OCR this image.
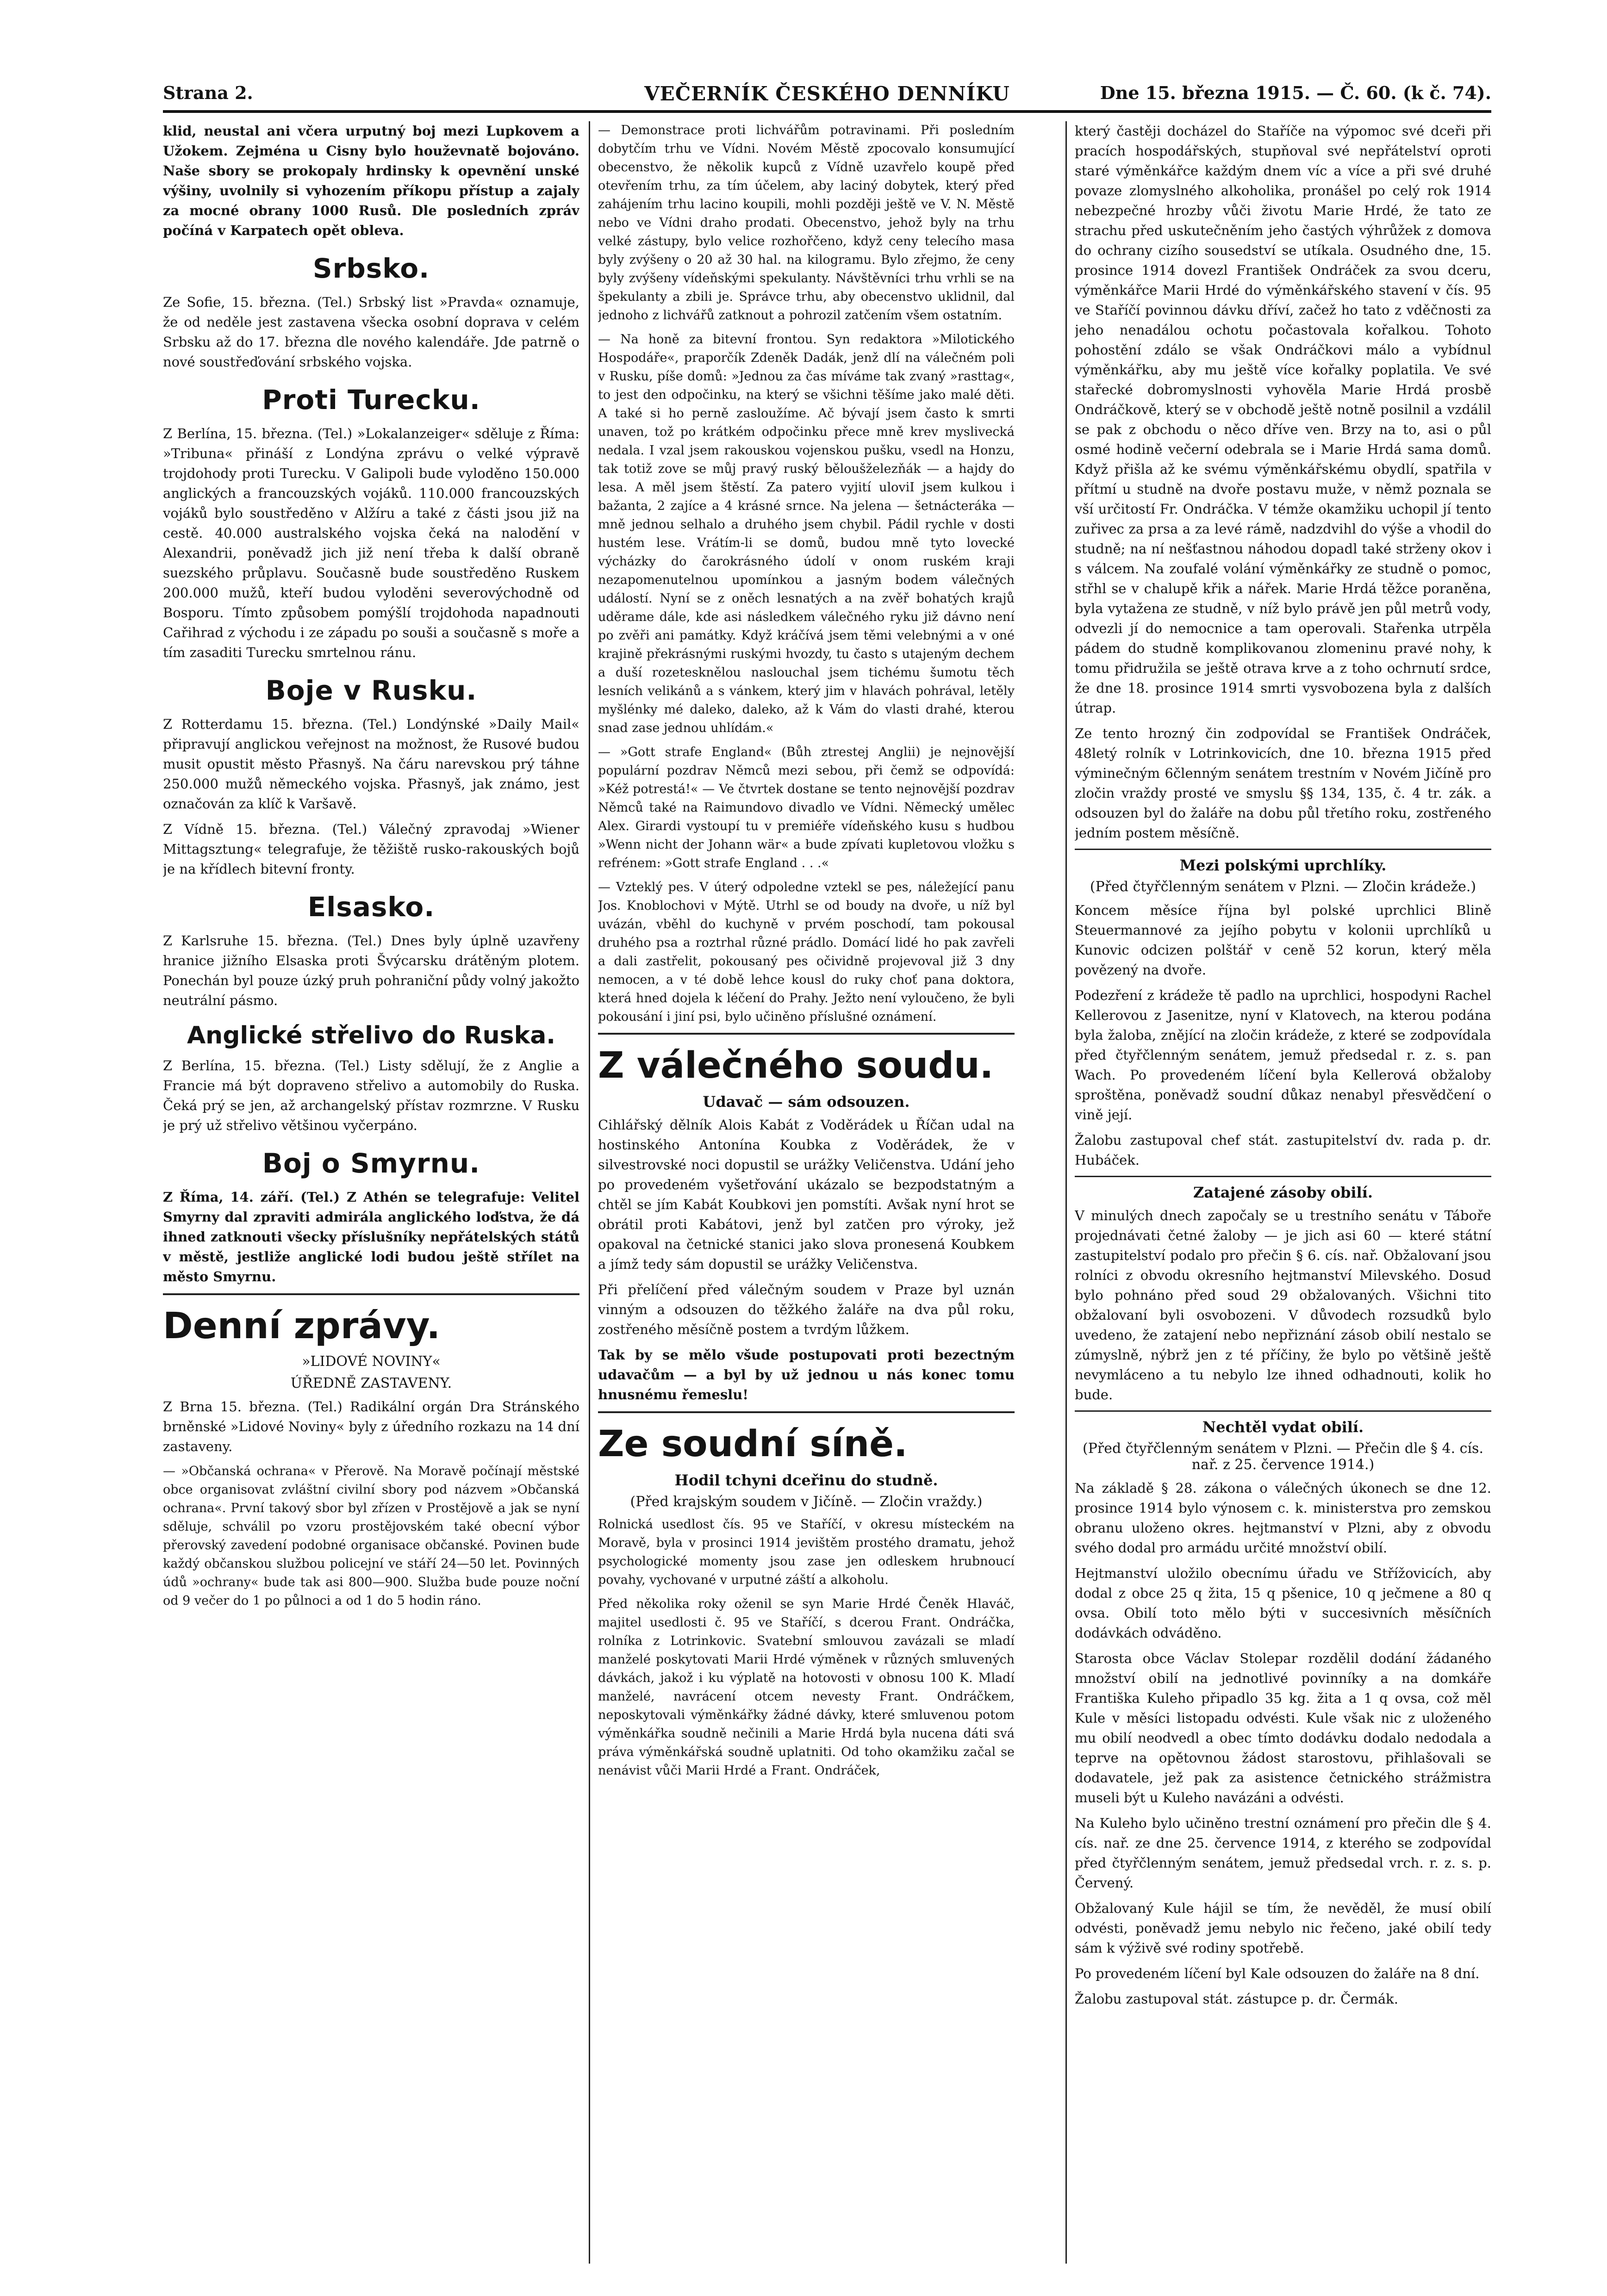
Strana 2.	VEČERNÍK ČESKÉHO DENNÍKU	Dne 15. března 1915. — Č. 60. (k č. 74).

klid, neustal ani včera urputný boj mezi Lupkovem a Užokem. Zejména u Cisny bylo houževnatě bojováno. Naše sbory se prokopaly hrdinsky k opevnění unské výšiny, uvolnily si vyhozením příkopu přístup a zajaly za mocné obrany 1000 Rusů. Dle posledních zpráv počíná v Karpatech opět obleva.

Srbsko.

Ze Sofie, 15. března. (Tel.) Srbský list »Pravda« oznamuje, že od neděle jest zastavena všecka osobní doprava v celém Srbsku až do 17. března dle nového kalendáře. Jde patrně o nové soustřeďování srbského vojska.

Proti Turecku.

Z Berlína, 15. března. (Tel.) »Lokalanzeiger« sděluje z Říma: »Tribuna« přináší z Londýna zprávu o velké výpravě trojdohody proti Turecku. V Galipoli bude vyloděno 150.000 anglických a francouzských vojáků. 110.000 francouzských vojáků bylo soustředěno v Alžíru a také z části jsou již na cestě. 40.000 australského vojska čeká na nalodění v Alexandrii, poněvadž jich již není třeba k další obraně suezského průplavu. Současně bude soustředěno Ruskem 200.000 mužů, kteří budou vyloděni severovýchodně od Bosporu. Tímto způsobem pomýšlí trojdohoda napadnouti Cařihrad z východu i ze západu po souši a současně s moře a tím zasaditi Turecku smrtelnou ránu.

Boje v Rusku.

Z Rotterdamu 15. března. (Tel.) Londýnské »Daily Mail« připravují anglickou veřejnost na možnost, že Rusové budou musit opustit město Přasnyš. Na čáru narevskou prý táhne 250.000 mužů německého vojska. Přasnyš, jak známo, jest označován za klíč k Varšavě.

Z Vídně 15. března. (Tel.) Válečný zpravodaj »Wiener Mittagsztung« telegrafuje, že těžiště rusko-rakouských bojů je na křídlech bitevní fronty.

Elsasko.

Z Karlsruhe 15. března. (Tel.) Dnes byly úplně uzavřeny hranice jižního Elsaska proti Švýcarsku drátěným plotem. Ponechán byl pouze úzký pruh pohraniční půdy volný jakožto neutrální pásmo.

Anglické střelivo do Ruska.

Z Berlína, 15. března. (Tel.) Listy sdělují, že z Anglie a Francie má být dopraveno střelivo a automobily do Ruska. Čeká prý se jen, až archangelský přístav rozmrzne. V Rusku je prý už střelivo většinou vyčerpáno.

Boj o Smyrnu.

Z Říma, 14. září. (Tel.) Z Athén se telegrafuje: Velitel Smyrny dal zpraviti admirála anglického loďstva, že dá ihned zatknouti všecky příslušníky nepřátelských států v městě, jestliže anglické lodi budou ještě střílet na město Smyrnu.

Denní zprávy.
»LIDOVÉ NOVINY«
ÚŘEDNĚ ZASTAVENY.

Z Brna 15. března. (Tel.) Radikální orgán Dra Stránského brněnské »Lidové Noviny« byly z úředního rozkazu na 14 dní zastaveny.

— »Občanská ochrana« v Přerově. Na Moravě počínají městské obce organisovat zvláštní civilní sbory pod názvem »Občanská ochrana«. První takový sbor byl zřízen v Prostějově a jak se nyní sděluje, schválil po vzoru prostějovském také obecní výbor přerovský zavedení podobné organisace občanské. Povinen bude každý občanskou službou policejní ve stáří 24—50 let. Povinných údů »ochrany« bude tak asi 800—900. Služba bude pouze noční od 9 večer do 1 po půlnoci a od 1 do 5 hodin ráno.

— Demonstrace proti lichvářům potravinami. Při posledním dobytčím trhu ve Vídni. Novém Městě zpocovalo konsumující obecenstvo, že několik kupců z Vídně uzavřelo koupě před otevřením trhu, za tím účelem, aby laciný dobytek, který před zahájením trhu lacino koupili, mohli později ještě ve V. N. Městě nebo ve Vídni draho prodati. Obecenstvo, jehož byly na trhu velké zástupy, bylo velice rozhořčeno, když ceny telecího masa byly zvýšeny o 20 až 30 hal. na kilogramu. Bylo zřejmo, že ceny byly zvýšeny vídeňskými spekulanty. Návštěvníci trhu vrhli se na špekulanty a zbili je. Správce trhu, aby obecenstvo uklidnil, dal jednoho z lichvářů zatknout a pohrozil zatčením všem ostatním.

— Na honě za bitevní frontou. Syn redaktora »Milotického Hospodáře«, praporčík Zdeněk Dadák, jenž dlí na válečném poli v Rusku, píše domů: »Jednou za čas míváme tak zvaný »rasttag«, to jest den odpočinku, na který se všichni těšíme jako malé děti. A také si ho perně zasloužíme. Ač bývají jsem často k smrti unaven, tož po krátkém odpočinku přece mně krev myslivecká nedala. I vzal jsem rakouskou vojenskou pušku, vsedl na Honzu, tak totiž zove se můj pravý ruský běloušželezňák — a hajdy do lesa. A měl jsem štěstí. Za patero vyjití uloviI jsem kulkou i bažanta, 2 zajíce a 4 krásné srnce. Na jelena — šetnácteráka — mně jednou selhalo a druhého jsem chybil. Pádil rychle v dosti hustém lese. Vrátím-li se domů, budou mně tyto lovecké výcházky do čarokrásného údolí v onom ruském kraji nezapomenutelnou upomínkou a jasným bodem válečných událostí. Nyní se z oněch lesnatých a na zvěř bohatých krajů uděrame dále, kde asi následkem válečného ryku již dávno není po zvěři ani památky. Když kráčívá jsem těmi velebnými a v oné krajině překrásnými ruskými hvozdy, tu často s utajeným dechem a duší rozetesknělou naslouchal jsem tichému šumotu těch lesních velikánů a s vánkem, který jim v hlavách pohrával, letěly myšlénky mé daleko, daleko, až k Vám do vlasti drahé, kterou snad zase jednou uhlídám.«

— »Gott strafe England« (Bůh ztrestej Anglii) je nejnovější populární pozdrav Němců mezi sebou, při čemž se odpovídá: »Kéž potrestá!« — Ve čtvrtek dostane se tento nejnovější pozdrav Němců také na Raimundovo divadlo ve Vídni. Německý umělec Alex. Girardi vystoupí tu v premiéře vídeňského kusu s hudbou »Wenn nicht der Johann wär« a bude zpívati kupletovou vložku s refrénem: »Gott strafe England . . .«

— Vzteklý pes. V úterý odpoledne vztekl se pes, náležející panu Jos. Knoblochovi v Mýtě. Utrhl se od boudy na dvoře, u níž byl uvázán, vběhl do kuchyně v prvém poschodí, tam pokousal druhého psa a roztrhal různé prádlo. Domácí lidé ho pak zavřeli a dali zastřelit, pokousaný pes očividně projevoval již 3 dny nemocen, a v té době lehce kousl do ruky choť pana doktora, která hned dojela k léčení do Prahy. Ježto není vyloučeno, že byli pokousání i jiní psi, bylo učiněno příslušné oznámení.

Z válečného soudu.
Udavač — sám odsouzen.

Cihlářský dělník Alois Kabát z Voděrádek u Říčan udal na hostinského Antonína Koubka z Voděrádek, že v silvestrovské noci dopustil se urážky Veličenstva. Udání jeho po provedeném vyšetřování ukázalo se bezpodstatným a chtěl se jím Kabát Koubkovi jen pomstíti. Avšak nyní hrot se obrátil proti Kabátovi, jenž byl zatčen pro výroky, jež opakoval na četnické stanici jako slova pronesená Koubkem a jímž tedy sám dopustil se urážky Veličenstva.

Při přelíčení před válečným soudem v Praze byl uznán vinným a odsouzen do těžkého žaláře na dva půl roku, zostřeného měsíčně postem a tvrdým lůžkem.

Tak by se mělo všude postupovati proti bezectným udavačům — a byl by už jednou u nás konec tomu hnusnému řemeslu!

Ze soudní síně.
Hodil tchyni dceřinu do studně.
(Před krajským soudem v Jičíně. — Zločin vraždy.)

Rolnická usedlost čís. 95 ve Staříčí, v okresu místeckém na Moravě, byla v prosinci 1914 jevištěm prostého dramatu, jehož psychologické momenty jsou zase jen odleskem hrubnoucí povahy, vychované v urputné záští a alkoholu.

Před několika roky oženil se syn Marie Hrdé Čeněk Hlaváč, majitel usedlosti č. 95 ve Staříčí, s dcerou Frant. Ondráčka, rolníka z Lotrinkovic. Svatební smlouvou zavázali se mladí manželé poskytovati Marii Hrdé výměnek v různých smluvených dávkách, jakož i ku výplatě na hotovosti v obnosu 100 K. Mladí manželé, navrácení otcem nevesty Frant. Ondráčkem, neposkytovali výměnkářky žádné dávky, které smluvenou potom výměnkářka soudně nečinili a Marie Hrdá byla nucena dáti svá práva výměnkářská soudně uplatniti. Od toho okamžiku začal se nenávist vůči Marii Hrdé a Frant. Ondráček,

který častěji docházel do Staříče na výpomoc své dceři při pracích hospodářských, stupňoval své nepřátelství oproti staré výměnkářce každým dnem víc a více a při své druhé povaze zlomyslného alkoholika, pronášel po celý rok 1914 nebezpečné hrozby vůči životu Marie Hrdé, že tato ze strachu před uskutečněním jeho častých výhrůžek z domova do ochrany cizího sousedství se utíkala. Osudného dne, 15. prosince 1914 dovezl František Ondráček za svou dceru, výměnkářce Marii Hrdé do výměnkářského stavení v čís. 95 ve Staříčí povinnou dávku dříví, začež ho tato z vděčnosti za jeho nenadálou ochotu počastovala kořalkou. Tohoto pohostění zdálo se však Ondráčkovi málo a vybídnul výměnkářku, aby mu ještě více kořalky poplatila. Ve své stařecké dobromyslnosti vyhověla Marie Hrdá prosbě Ondráčkově, který se v obchodě ještě notně posilnil a vzdálil se pak z obchodu o něco dříve ven. Brzy na to, asi o půl osmé hodině večerní odebrala se i Marie Hrdá sama domů. Když přišla až ke svému výměnkářskému obydlí, spatřila v přítmí u studně na dvoře postavu muže, v němž poznala se vší určitostí Fr. Ondráčka. V témže okamžiku uchopil jí tento zuřivec za prsa a za levé rámě, nadzdvihl do výše a vhodil do studně; na ní nešťastnou náhodou dopadl také strženy okov i s válcem. Na zoufalé volání výměnkářky ze studně o pomoc, střhl se v chalupě křik a nářek. Marie Hrdá těžce poraněna, byla vytažena ze studně, v níž bylo právě jen půl metrů vody, odvezli jí do nemocnice a tam operovali. Stařenka utrpěla pádem do studně komplikovanou zlomeninu pravé nohy, k tomu přidružila se ještě otrava krve a z toho ochrnutí srdce, že dne 18. prosince 1914 smrti vysvobozena byla z dalších útrap.

Ze tento hrozný čin zodpovídal se František Ondráček, 48letý rolník v Lotrinkovicích, dne 10. března 1915 před výminečným 6členným senátem trestním v Novém Jičíně pro zločin vraždy prosté ve smyslu §§ 134, 135, č. 4 tr. zák. a odsouzen byl do žaláře na dobu půl třetího roku, zostřeného jedním postem měsíčně.

Mezi polskými uprchlíky.
(Před čtyřčlenným senátem v Plzni. — Zločin krádeže.)

Koncem měsíce října byl polské uprchlici Blině Steuermannové za jejího pobytu v kolonii uprchlíků u Kunovic odcizen polštář v ceně 52 korun, který měla povězený na dvoře.

Podezření z krádeže tě padlo na uprchlici, hospodyni Rachel Kellerovou z Jasenitze, nyní v Klatovech, na kterou podána byla žaloba, znějící na zločin krádeže, z které se zodpovídala před čtyřčlenným senátem, jemuž předsedal r. z. s. pan Wach. Po provedeném líčení byla Kellerová obžaloby sproštěna, poněvadž soudní důkaz nenabyl přesvědčení o vině její.

Žalobu zastupoval chef stát. zastupitelství dv. rada p. dr. Hubáček.

Zatajené zásoby obilí.

V minulých dnech započaly se u trestního senátu v Táboře projednávati četné žaloby — je jich asi 60 — které státní zastupitelství podalo pro přečin § 6. cís. nař. Obžalovaní jsou rolníci z obvodu okresního hejtmanství Milevského. Dosud bylo pohnáno před soud 29 obžalovaných. Všichni tito obžalovaní byli osvobozeni. V důvodech rozsudků bylo uvedeno, že zatajení nebo nepřiznání zásob obilí nestalo se zúmyslně, nýbrž jen z té příčiny, že bylo po většině ještě nevymláceno a tu nebylo lze ihned odhadnouti, kolik ho bude.

Nechtěl vydat obilí.
(Před čtyřčlenným senátem v Plzni. — Přečin dle § 4. cís. nař. z 25. července 1914.)

Na základě § 28. zákona o válečných úkonech se dne 12. prosince 1914 bylo výnosem c. k. ministerstva pro zemskou obranu uloženo okres. hejtmanství v Plzni, aby z obvodu svého dodal pro armádu určité množství obilí.

Hejtmanství uložilo obecnímu úřadu ve Střížovicích, aby dodal z obce 25 q žita, 15 q pšenice, 10 q ječmene a 80 q ovsa. Obilí toto mělo býti v succesivních měsíčních dodávkách odváděno.

Starosta obce Václav Stolepar rozdělil dodání žádaného množství obilí na jednotlivé povinníky a na domkáře Františka Kuleho připadlo 35 kg. žita a 1 q ovsa, což měl Kule v měsíci listopadu odvésti. Kule však nic z uloženého mu obilí neodvedl a obec tímto dodávku dodalo nedodala a teprve na opětovnou žádost starostovu, přihlašovali se dodavatele, jež pak za asistence četnického strážmistra museli být u Kuleho navázáni a odvésti.

Na Kuleho bylo učiněno trestní oznámení pro přečin dle § 4. cís. nař. ze dne 25. července 1914, z kterého se zodpovídal před čtyřčlenným senátem, jemuž předsedal vrch. r. z. s. p. Červený.

Obžalovaný Kule hájil se tím, že nevěděl, že musí obilí odvésti, poněvadž jemu nebylo nic řečeno, jaké obilí tedy sám k výživě své rodiny spotřebě.

Po provedeném líčení byl Kale odsouzen do žaláře na 8 dní.

Žalobu zastupoval stát. zástupce p. dr. Čermák.
